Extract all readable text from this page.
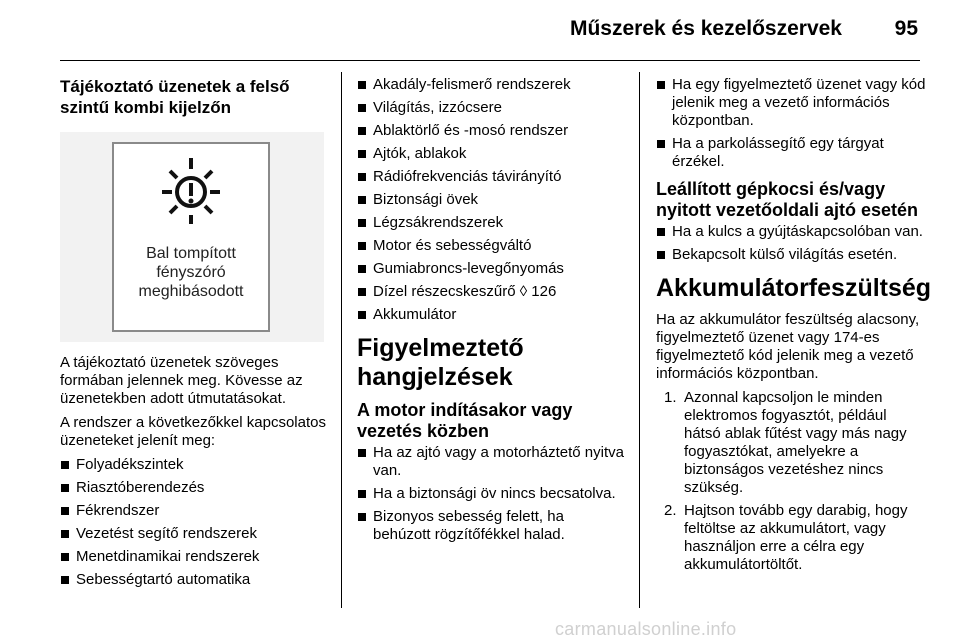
Műszerek és kezelőszervek	95
Tájékoztató üzenetek a felső szintű kombi kijelzőn
Bal tompított
fényszóró
meghibásodott

A tájékoztató üzenetek szöveges formában jelennek meg. Kövesse az üzenetekben adott útmutatásokat.

A rendszer a következőkkel kapcsolatos üzeneteket jelenít meg:

Folyadékszintek
Riasztóberendezés
Fékrendszer
Vezetést segítő rendszerek
Menetdinamikai rendszerek
Sebességtartó automatika
Akadály-felismerő rendszerek
Világítás, izzócsere
Ablaktörlő és -mosó rendszer
Ajtók, ablakok
Rádiófrekvenciás távirányító
Biztonsági övek
Légzsákrendszerek
Motor és sebességváltó
Gumiabroncs-levegőnyomás
Dízel részecskeszűrő ◊ 126
Akkumulátor
Figyelmeztető hangjelzések
A motor indításakor vagy vezetés közben
Ha az ajtó vagy a motorháztető nyitva van.
Ha a biztonsági öv nincs becsatolva.
Bizonyos sebesség felett, ha behúzott rögzítőfékkel halad.
Ha egy figyelmeztető üzenet vagy kód jelenik meg a vezető információs központban.
Ha a parkolássegítő egy tárgyat érzékel.
Leállított gépkocsi és/vagy nyitott vezetőoldali ajtó esetén
Ha a kulcs a gyújtáskapcsolóban van.
Bekapcsolt külső világítás esetén.
Akkumulátorfeszültség

Ha az akkumulátor feszültség alacsony, figyelmeztető üzenet vagy 174-es figyelmeztető kód jelenik meg a vezető információs központban.

1. Azonnal kapcsoljon le minden elektromos fogyasztót, például hátsó ablak fűtést vagy más nagy fogyasztókat, amelyekre a biztonságos vezetéshez nincs szükség.
2. Hajtson tovább egy darabig, hogy feltöltse az akkumulátort, vagy használjon erre a célra egy akkumulátortöltőt.
carmanualsonline.info
